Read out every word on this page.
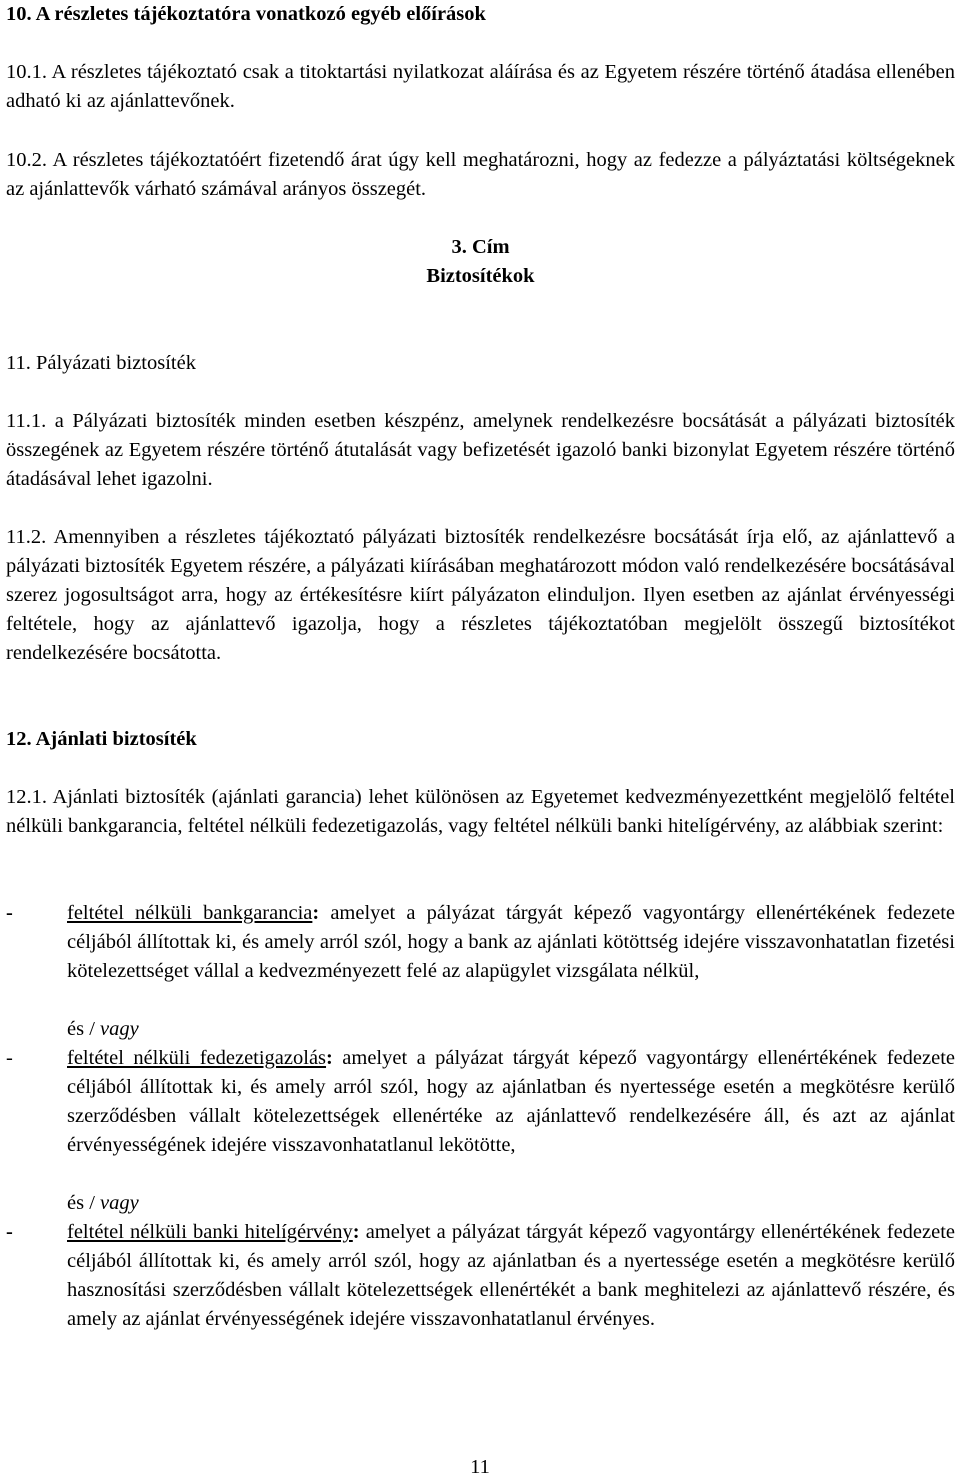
10. A részletes tájékoztatóra vonatkozó egyéb előírások
10.1. A részletes tájékoztató csak a titoktartási nyilatkozat aláírása és az Egyetem részére történő átadása ellenében adható ki az ajánlattevőnek.
10.2. A részletes tájékoztatóért fizetendő árat úgy kell meghatározni, hogy az fedezze a pályáztatási költségeknek az ajánlattevők várható számával arányos összegét.
3. Cím
Biztosítékok
11. Pályázati biztosíték
11.1. a Pályázati biztosíték minden esetben készpénz, amelynek rendelkezésre bocsátását a pályázati biztosíték összegének az Egyetem részére történő átutalását vagy befizetését igazoló banki bizonylat Egyetem részére történő átadásával lehet igazolni.
11.2. Amennyiben a részletes tájékoztató pályázati biztosíték rendelkezésre bocsátását írja elő, az ajánlattevő a pályázati biztosíték Egyetem részére, a pályázati kiírásában meghatározott módon való rendelkezésére bocsátásával szerez jogosultságot arra, hogy az értékesítésre kiírt pályázaton elinduljon. Ilyen esetben az ajánlat érvényességi feltétele, hogy az ajánlattevő igazolja, hogy a részletes tájékoztatóban megjelölt összegű biztosítékot rendelkezésére bocsátotta.
12. Ajánlati biztosíték
12.1. Ajánlati biztosíték (ajánlati garancia) lehet különösen az Egyetemet kedvezményezettként megjelölő feltétel nélküli bankgarancia, feltétel nélküli fedezetigazolás, vagy feltétel nélküli banki hitelígérvény, az alábbiak szerint:
-	feltétel nélküli bankgarancia: amelyet a pályázat tárgyát képező vagyontárgy ellenértékének fedezete céljából állítottak ki, és amely arról szól, hogy a bank az ajánlati kötöttség idejére visszavonhatatlan fizetési kötelezettséget vállal a kedvezményezett felé az alapügylet vizsgálata nélkül,
és / vagy
-	feltétel nélküli fedezetigazolás: amelyet a pályázat tárgyát képező vagyontárgy ellenértékének fedezete céljából állítottak ki, és amely arról szól, hogy az ajánlatban és nyertessége esetén a megkötésre kerülő szerződésben vállalt kötelezettségek ellenértéke az ajánlattevő rendelkezésére áll, és azt az ajánlat érvényességének idejére visszavonhatatlanul lekötötte,
és / vagy
-	feltétel nélküli banki hitelígérvény: amelyet a pályázat tárgyát képező vagyontárgy ellenértékének fedezete céljából állítottak ki, és amely arról szól, hogy az ajánlatban és a nyertessége esetén a megkötésre kerülő hasznosítási szerződésben vállalt kötelezettségek ellenértékét a bank meghitelezi az ajánlattevő részére, és amely az ajánlat érvényességének idejére visszavonhatatlanul érvényes.
11
